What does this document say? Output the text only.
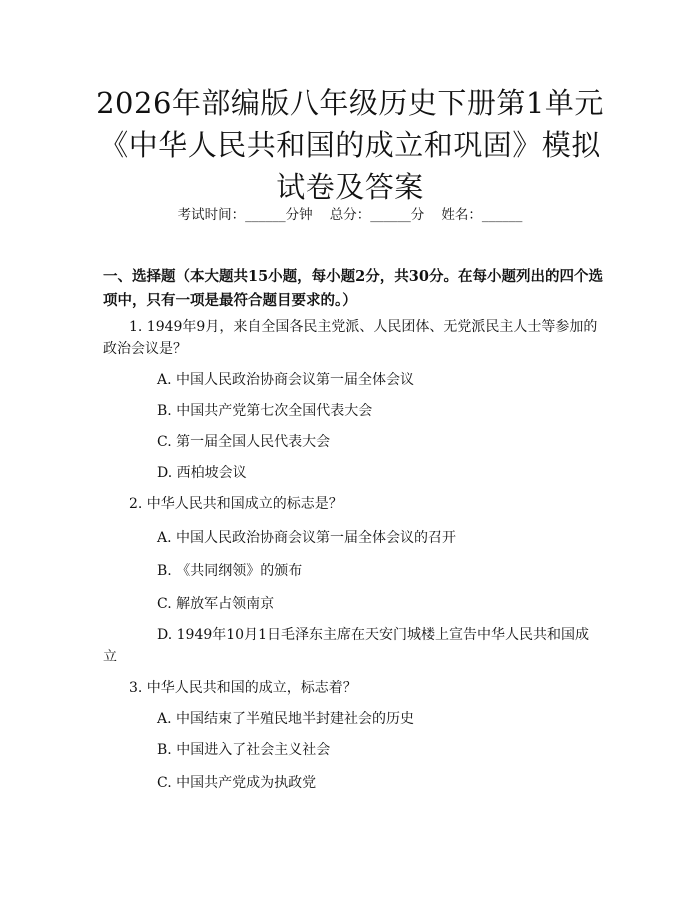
2026年部编版八年级历史下册第1单元《中华人民共和国的成立和巩固》模拟试卷及答案
考试时间：______分钟    总分：______分    姓名：______
一、选择题（本大题共15小题，每小题2分，共30分。在每小题列出的四个选项中，只有一项是最符合题目要求的。）
1. 1949年9月，来自全国各民主党派、人民团体、无党派民主人士等参加的
政治会议是？
A. 中国人民政治协商会议第一届全体会议
B. 中国共产党第七次全国代表大会
C. 第一届全国人民代表大会
D. 西柏坡会议
2. 中华人民共和国成立的标志是？
A. 中国人民政治协商会议第一届全体会议的召开
B. 《共同纲领》的颁布
C. 解放军占领南京
D. 1949年10月1日毛泽东主席在天安门城楼上宣告中华人民共和国成
立
3. 中华人民共和国的成立，标志着？
A. 中国结束了半殖民地半封建社会的历史
B. 中国进入了社会主义社会
C. 中国共产党成为执政党
